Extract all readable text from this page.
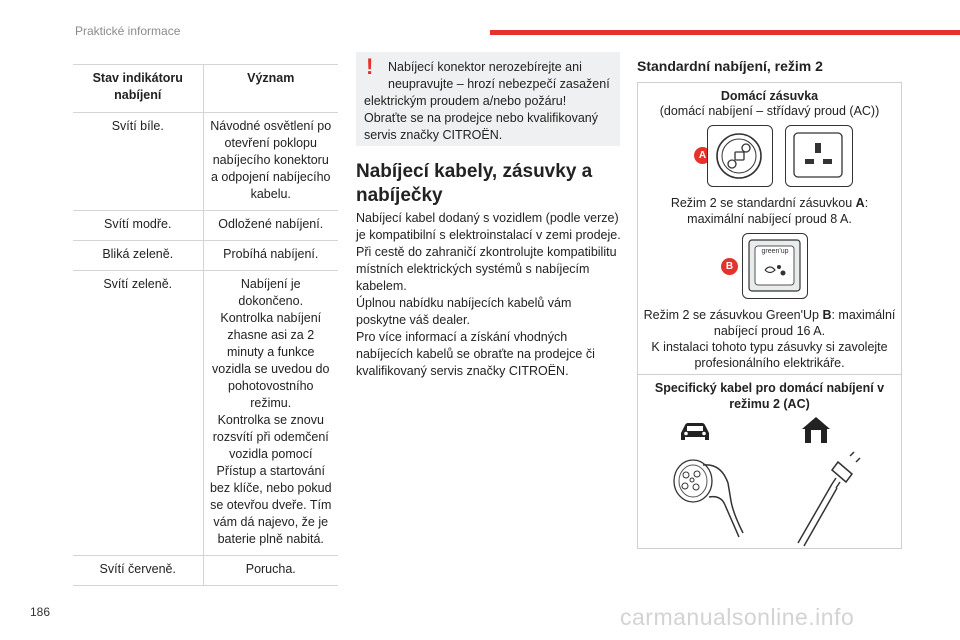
Praktické informace
Stav indikátoru nabíjení	Význam
Svítí bíle.	Návodné osvětlení po otevření poklopu nabíjecího konektoru a odpojení nabíjecího kabelu.
Svítí modře.	Odložené nabíjení.
Bliká zeleně.	Probíhá nabíjení.
Svítí zeleně.	Nabíjení je dokončeno.
Kontrolka nabíjení zhasne asi za 2 minuty a funkce vozidla se uvedou do pohotovostního režimu.
Kontrolka se znovu rozsvítí při odemčení vozidla pomocí Přístup a startování bez klíče, nebo pokud se otevřou dveře. Tím vám dá najevo, že je baterie plně nabitá.
Svítí červeně.	Porucha.
!	Nabíjecí konektor nerozebírejte ani neupravujte – hrozí nebezpečí zasažení
elektrickým proudem a/nebo požáru!
Obraťte se na prodejce nebo kvalifikovaný servis značky CITROËN.
Nabíjecí kabely, zásuvky a nabíječky
Nabíjecí kabel dodaný s vozidlem (podle verze) je kompatibilní s elektroinstalací v zemi prodeje.
Při cestě do zahraničí zkontrolujte kompatibilitu místních elektrických systémů s nabíjecím kabelem.
Úplnou nabídku nabíjecích kabelů vám poskytne váš dealer.
Pro více informací a získání vhodných nabíjecích kabelů se obraťte na prodejce či kvalifikovaný servis značky CITROËN.
Standardní nabíjení, režim 2
Domácí zásuvka
(domácí nabíjení – střídavý proud (AC))
A
Režim 2 se standardní zásuvkou A:
maximální nabíjecí proud 8 A.
B
green'up
Režim 2 se zásuvkou Green'Up B: maximální
nabíjecí proud 16 A.
K instalaci tohoto typu zásuvky si zavolejte
profesionálního elektrikáře.
Specifický kabel pro domácí nabíjení v
režimu 2 (AC)
186	carmanualsonline.info
